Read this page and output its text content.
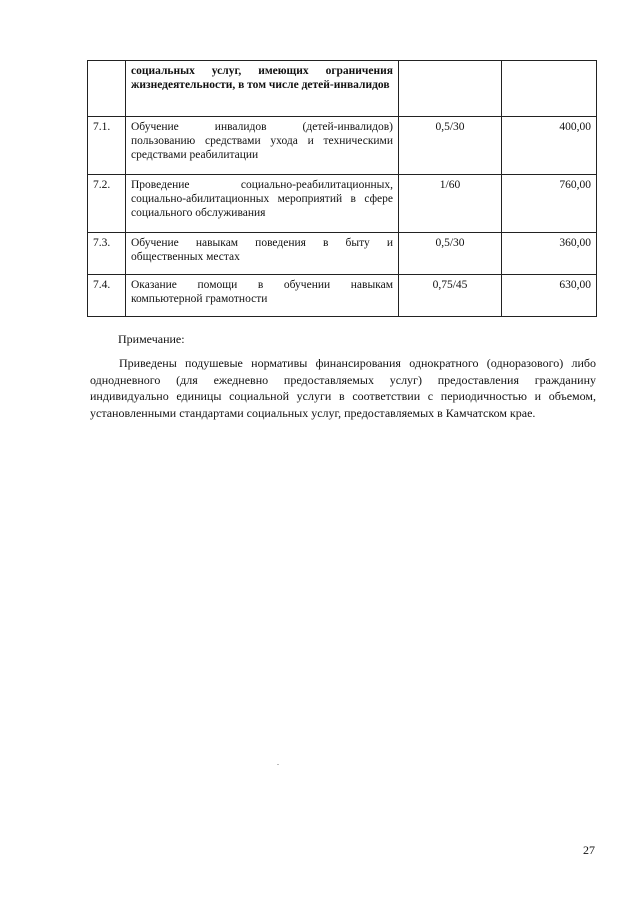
	социальных услуг, имеющих ограничения жизнедеятельности, в том числе детей-инвалидов		
7.1.	Обучение инвалидов (детей-инвалидов) пользованию средствами ухода и техническими средствами реабилитации	0,5/30	400,00
7.2.	Проведение социально-реабилитационных, социально-абилитационных мероприятий в сфере социального обслуживания	1/60	760,00
7.3.	Обучение навыкам поведения в быту и общественных местах	0,5/30	360,00
7.4.	Оказание помощи в обучении навыкам компьютерной грамотности	0,75/45	630,00

Примечание:

Приведены подушевые нормативы финансирования однократного (одноразового) либо однодневного (для ежедневно предоставляемых услуг) предоставления гражданину индивидуально единицы социальной услуги в соответствии с периодичностью и объемом, установленными стандартами социальных услуг, предоставляемых в Камчатском крае.

27
